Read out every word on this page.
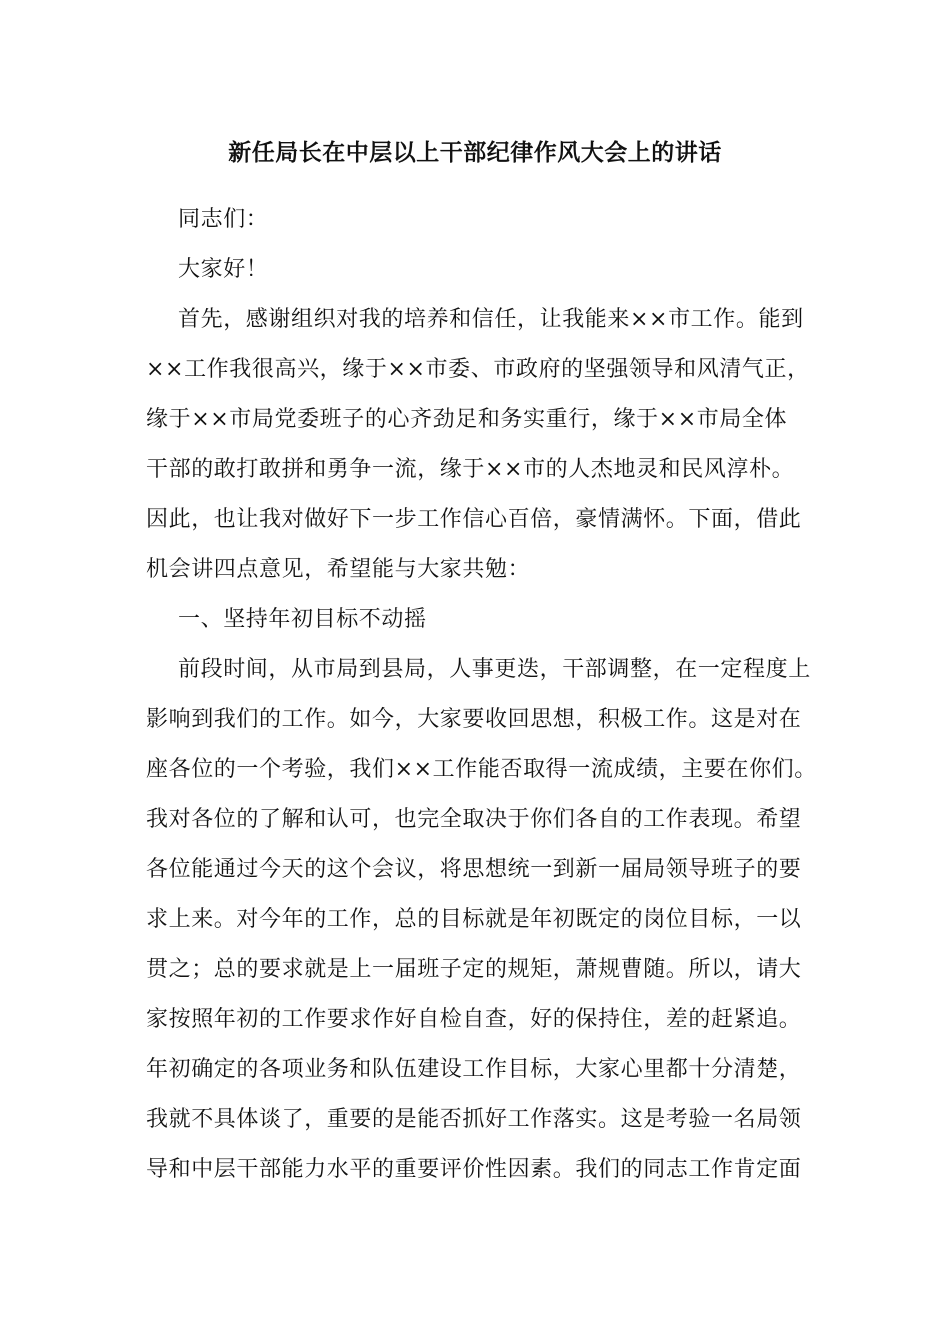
新任局长在中层以上干部纪律作风大会上的讲话
同志们：
大家好！
首先，感谢组织对我的培养和信任，让我能来××市工作。能到
××工作我很高兴，缘于××市委、市政府的坚强领导和风清气正，
缘于××市局党委班子的心齐劲足和务实重行，缘于××市局全体
干部的敢打敢拼和勇争一流，缘于××市的人杰地灵和民风淳朴。
因此，也让我对做好下一步工作信心百倍，豪情满怀。下面，借此
机会讲四点意见，希望能与大家共勉：
一、坚持年初目标不动摇
前段时间，从市局到县局，人事更迭，干部调整，在一定程度上
影响到我们的工作。如今，大家要收回思想，积极工作。这是对在
座各位的一个考验，我们××工作能否取得一流成绩，主要在你们。
我对各位的了解和认可，也完全取决于你们各自的工作表现。希望
各位能通过今天的这个会议，将思想统一到新一届局领导班子的要
求上来。对今年的工作，总的目标就是年初既定的岗位目标，一以
贯之；总的要求就是上一届班子定的规矩，萧规曹随。所以，请大
家按照年初的工作要求作好自检自查，好的保持住，差的赶紧追。
年初确定的各项业务和队伍建设工作目标，大家心里都十分清楚，
我就不具体谈了，重要的是能否抓好工作落实。这是考验一名局领
导和中层干部能力水平的重要评价性因素。我们的同志工作肯定面
